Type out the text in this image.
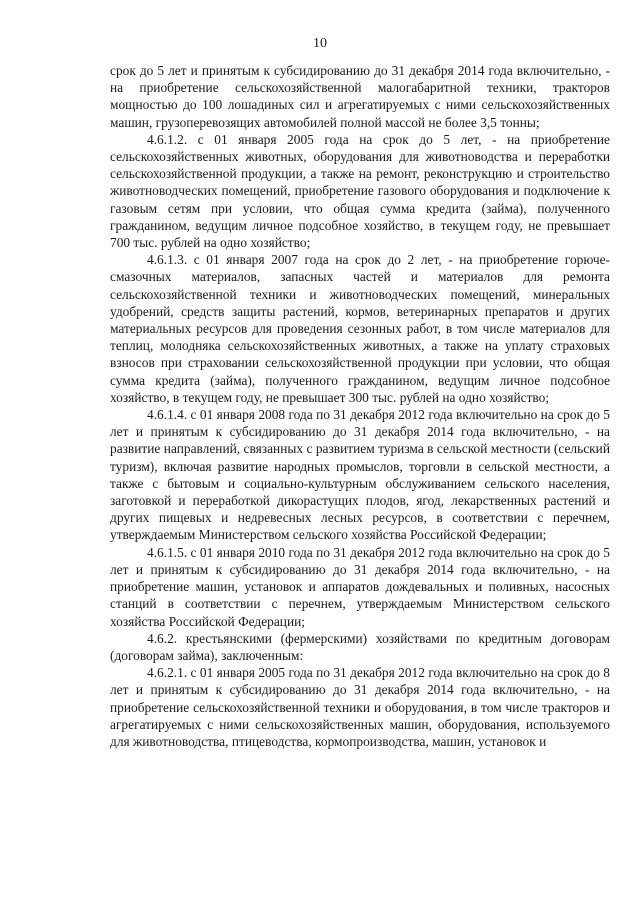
10

срок до 5 лет и принятым к субсидированию до 31 декабря 2014 года включительно, - на приобретение сельскохозяйственной малогабаритной техники, тракторов мощностью до 100 лошадиных сил и агрегатируемых с ними сельскохозяйственных машин, грузоперевозящих автомобилей полной массой не более 3,5 тонны;

4.6.1.2. с 01 января 2005 года на срок до 5 лет, - на приобретение сельскохозяйственных животных, оборудования для животноводства и переработки сельскохозяйственной продукции, а также на ремонт, реконструкцию и строительство животноводческих помещений, приобретение газового оборудования и подключение к газовым сетям при условии, что общая сумма кредита (займа), полученного гражданином, ведущим личное подсобное хозяйство, в текущем году, не превышает 700 тыс. рублей на одно хозяйство;

4.6.1.3. с 01 января 2007 года на срок до 2 лет, - на приобретение горюче-смазочных материалов, запасных частей и материалов для ремонта сельскохозяйственной техники и животноводческих помещений, минеральных удобрений, средств защиты растений, кормов, ветеринарных препаратов и других материальных ресурсов для проведения сезонных работ, в том числе материалов для теплиц, молодняка сельскохозяйственных животных, а также на уплату страховых взносов при страховании сельскохозяйственной продукции при условии, что общая сумма кредита (займа), полученного гражданином, ведущим личное подсобное хозяйство, в текущем году, не превышает 300 тыс. рублей на одно хозяйство;

4.6.1.4. с 01 января 2008 года по 31 декабря 2012 года включительно на срок до 5 лет и принятым к субсидированию до 31 декабря 2014 года включительно, - на развитие направлений, связанных с развитием туризма в сельской местности (сельский туризм), включая развитие народных промыслов, торговли в сельской местности, а также с бытовым и социально-культурным обслуживанием сельского населения, заготовкой и переработкой дикорастущих плодов, ягод, лекарственных растений и других пищевых и недревесных лесных ресурсов, в соответствии с перечнем, утверждаемым Министерством сельского хозяйства Российской Федерации;

4.6.1.5. с 01 января 2010 года по 31 декабря 2012 года включительно на срок до 5 лет и принятым к субсидированию до 31 декабря 2014 года включительно, - на приобретение машин, установок и аппаратов дождевальных и поливных, насосных станций в соответствии с перечнем, утверждаемым Министерством сельского хозяйства Российской Федерации;

4.6.2. крестьянскими (фермерскими) хозяйствами по кредитным договорам (договорам займа), заключенным:

4.6.2.1. с 01 января 2005 года по 31 декабря 2012 года включительно на срок до 8 лет и принятым к субсидированию до 31 декабря 2014 года включительно, - на приобретение сельскохозяйственной техники и оборудования, в том числе тракторов и агрегатируемых с ними сельскохозяйственных машин, оборудования, используемого для животноводства, птицеводства, кормопроизводства, машин, установок и
